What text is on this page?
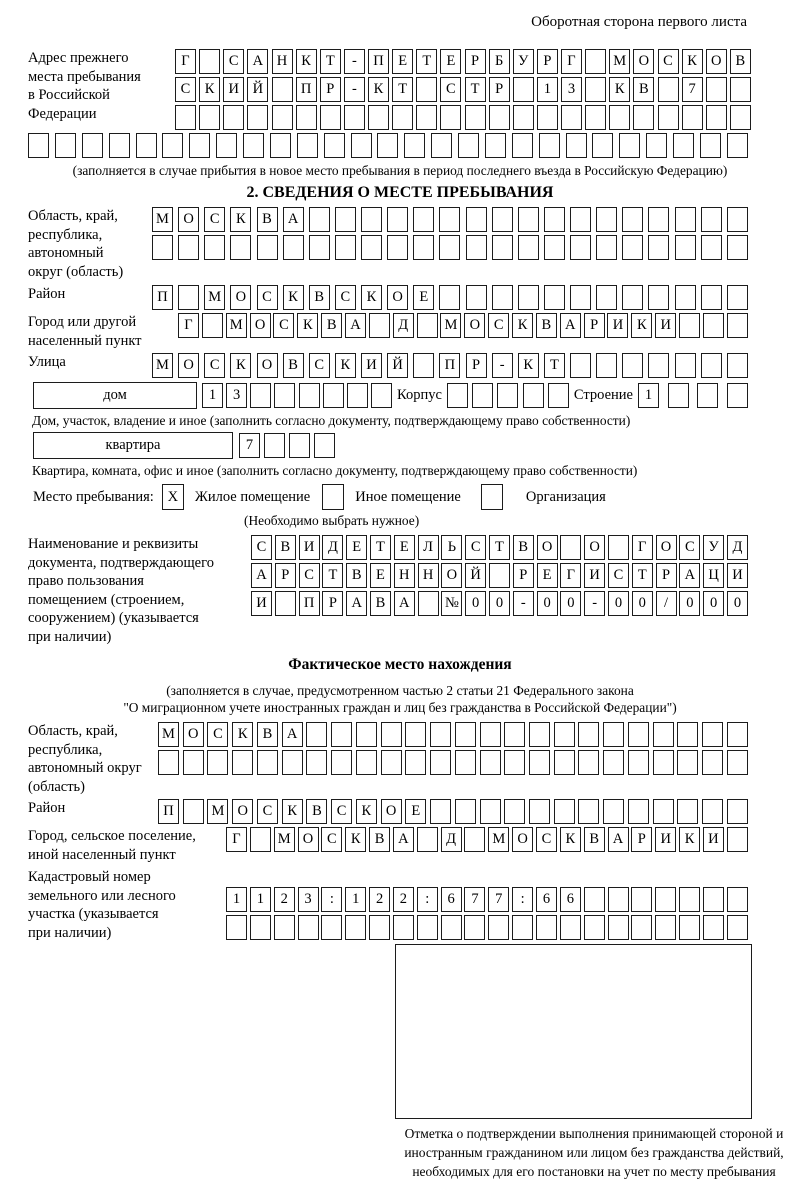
Оборотная сторона первого листа
Адрес прежнего
места пребывания
в Российской
Федерации
Г	С А Н К	Т	-	П Е	Т	Е	Р	Б	У	Р	Г	М О С К О В
С К И Й	П	Р	-	К	Т	С	Т	Р	1	3	К В	7
(заполняется в случае прибытия в новое место пребывания в период последнего въезда в Российскую Федерацию)
2. СВЕДЕНИЯ О МЕСТЕ ПРЕБЫВАНИЯ
Область, край,
республика,
автономный
округ (область)
М О	С	К	В	А
Район	П	М О	С	К	В	С	К	О	Е
Город или другой
населенный пункт
Г	М О С К В А	Д	М О С К В А	Р	И К И
Улица	М О	С	К	О	В	С	К	И	Й	П	Р	-	К	Т
дом	1	3	Корпус	Строение 1
Дом, участок, владение и иное (заполнить согласно документу, подтверждающему право собственности)
квартира	7
Квартира, комната, офис и иное (заполнить согласно документу, подтверждающему право собственности)
Место пребывания: X	Жилое помещение	Иное помещение	Организация
(Необходимо выбрать нужное)
Наименование и реквизиты
документа, подтверждающего
право пользования
помещением (строением,
сооружением) (указывается
при наличии)
С В И Д Е	Т	Е Л	Ь	С	Т	В О	О	Г О С У Д
А	Р	С	Т	В	Е Н Н О Й	Р	Е	Г И С	Т	Р	А Ц И
И	П	Р	А В А	№ 0	0	-	0	0	-	0	0	/	0	0	0
Фактическое место нахождения
(заполняется в случае, предусмотренном частью 2 статьи 21 Федерального закона
"О миграционном учете иностранных граждан и лиц без гражданства в Российской Федерации")
Область, край,
республика,
автономный округ
(область)
М О	С	К	В	А
Район	П	М О	С	К	В	С	К	О	Е
Город, сельское поселение,
иной населенный пункт
Г	М О С К В А	Д	М О С К В А	Р	И К И
Кадастровый номер
земельного или лесного
участка (указывается
при наличии)
1	1	2	3	:	1	2	2	:	6	7	7	:	6	6
Отметка о подтверждении выполнения принимающей стороной и иностранным гражданином или лицом без гражданства действий, необходимых для его постановки на учет по месту пребывания
